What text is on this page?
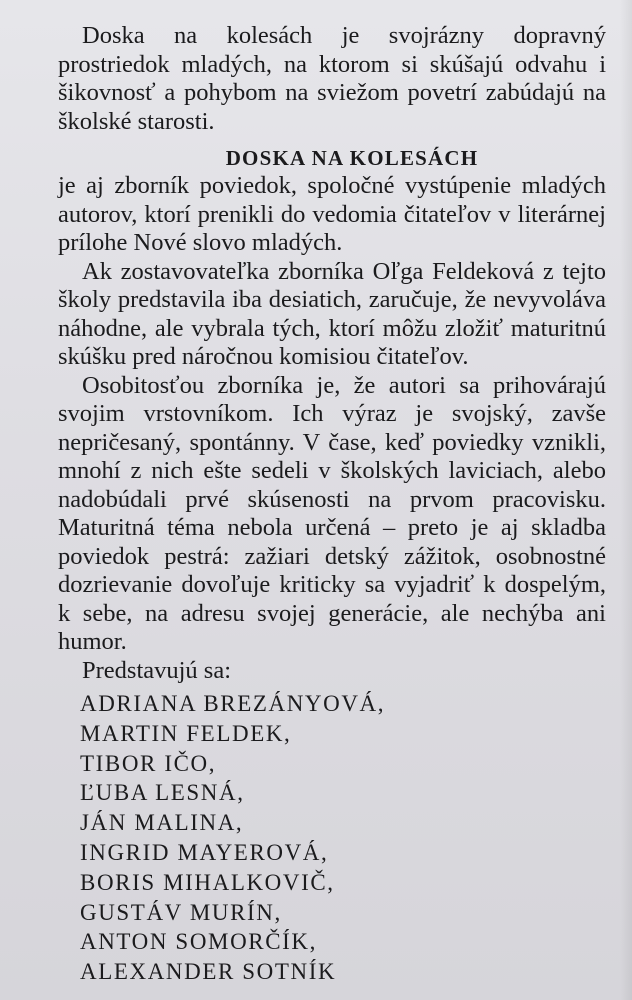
Doska na kolesách je svojrázny dopravný prostriedok mladých, na ktorom si skúšajú odvahu i šikovnosť a pohybom na sviežom povetrí zabúdajú na školské starosti.

DOSKA NA KOLESÁCH

je aj zborník poviedok, spoločné vystúpenie mladých autorov, ktorí prenikli do vedomia čitateľov v literárnej prílohe Nové slovo mladých.

Ak zostavovateľka zborníka Oľga Feldeková z tejto školy predstavila iba desiatich, zaručuje, že nevyvoláva náhodne, ale vybrala tých, ktorí môžu zložiť maturitnú skúšku pred náročnou komisiou čitateľov.

Osobitosťou zborníka je, že autori sa prihovárajú svojim vrstovníkom. Ich výraz je svojský, zavše nepričesaný, spontánny. V čase, keď poviedky vznikli, mnohí z nich ešte sedeli v školských laviciach, alebo nadobúdali prvé skúsenosti na prvom pracovisku. Maturitná téma nebola určená – preto je aj skladba poviedok pestrá: zažiari detský zážitok, osobnostné dozrievanie dovoľuje kriticky sa vyjadriť k dospelým, k sebe, na adresu svojej generácie, ale nechýba ani humor.

Predstavujú sa:

ADRIANA BREZÁNYOVÁ,
MARTIN FELDEK,
TIBOR IČO,
ĽUBA LESNÁ,
JÁN MALINA,
INGRID MAYEROVÁ,
BORIS MIHALKOVIČ,
GUSTÁV MURÍN,
ANTON SOMORČÍK,
ALEXANDER SOTNÍK
